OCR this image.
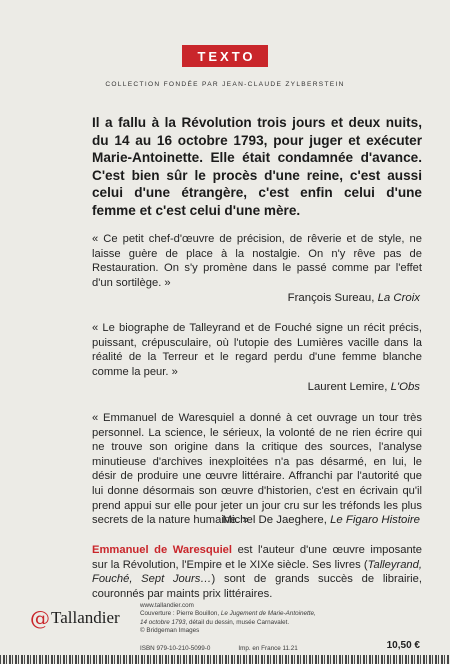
TEXTO
COLLECTION FONDÉE PAR JEAN-CLAUDE ZYLBERSTEIN
Il a fallu à la Révolution trois jours et deux nuits, du 14 au 16 octobre 1793, pour juger et exécuter Marie-Antoinette. Elle était condamnée d'avance. C'est bien sûr le procès d'une reine, c'est aussi celui d'une étrangère, c'est enfin celui d'une femme et c'est celui d'une mère.

« Ce petit chef-d'œuvre de précision, de rêverie et de style, ne laisse guère de place à la nostalgie. On n'y rêve pas de Restauration. On s'y promène dans le passé comme par l'effet d'un sortilège. »

François Sureau, La Croix

« Le biographe de Talleyrand et de Fouché signe un récit précis, puissant, crépusculaire, où l'utopie des Lumières vacille dans la réalité de la Terreur et le regard perdu d'une femme blanche comme la peur. »

Laurent Lemire, L'Obs

« Emmanuel de Waresquiel a donné à cet ouvrage un tour très personnel. La science, le sérieux, la volonté de ne rien écrire qui ne trouve son origine dans la critique des sources, l'analyse minutieuse d'archives inexploitées n'a pas désarmé, en lui, le désir de produire une œuvre littéraire. Affranchi par l'autorité que lui donne désormais son œuvre d'historien, c'est en écrivain qu'il prend appui sur elle pour jeter un jour cru sur les tréfonds les plus secrets de la nature humaine. »

Michel De Jaeghere, Le Figaro Histoire

Emmanuel de Waresquiel est l'auteur d'une œuvre imposante sur la Révolution, l'Empire et le XIXe siècle. Ses livres (Talleyrand, Fouché, Sept Jours…) sont de grands succès de librairie, couronnés par maints prix littéraires.

@ Tallandier
www.tallandier.com
Couverture : Pierre Bouillon, Le Jugement de Marie-Antoinette,
14 octobre 1793, détail du dessin, musée Carnavalet.
© Bridgeman Images
ISBN 979-10-210-5099-0	Imp. en France 11.21	10,50 €
